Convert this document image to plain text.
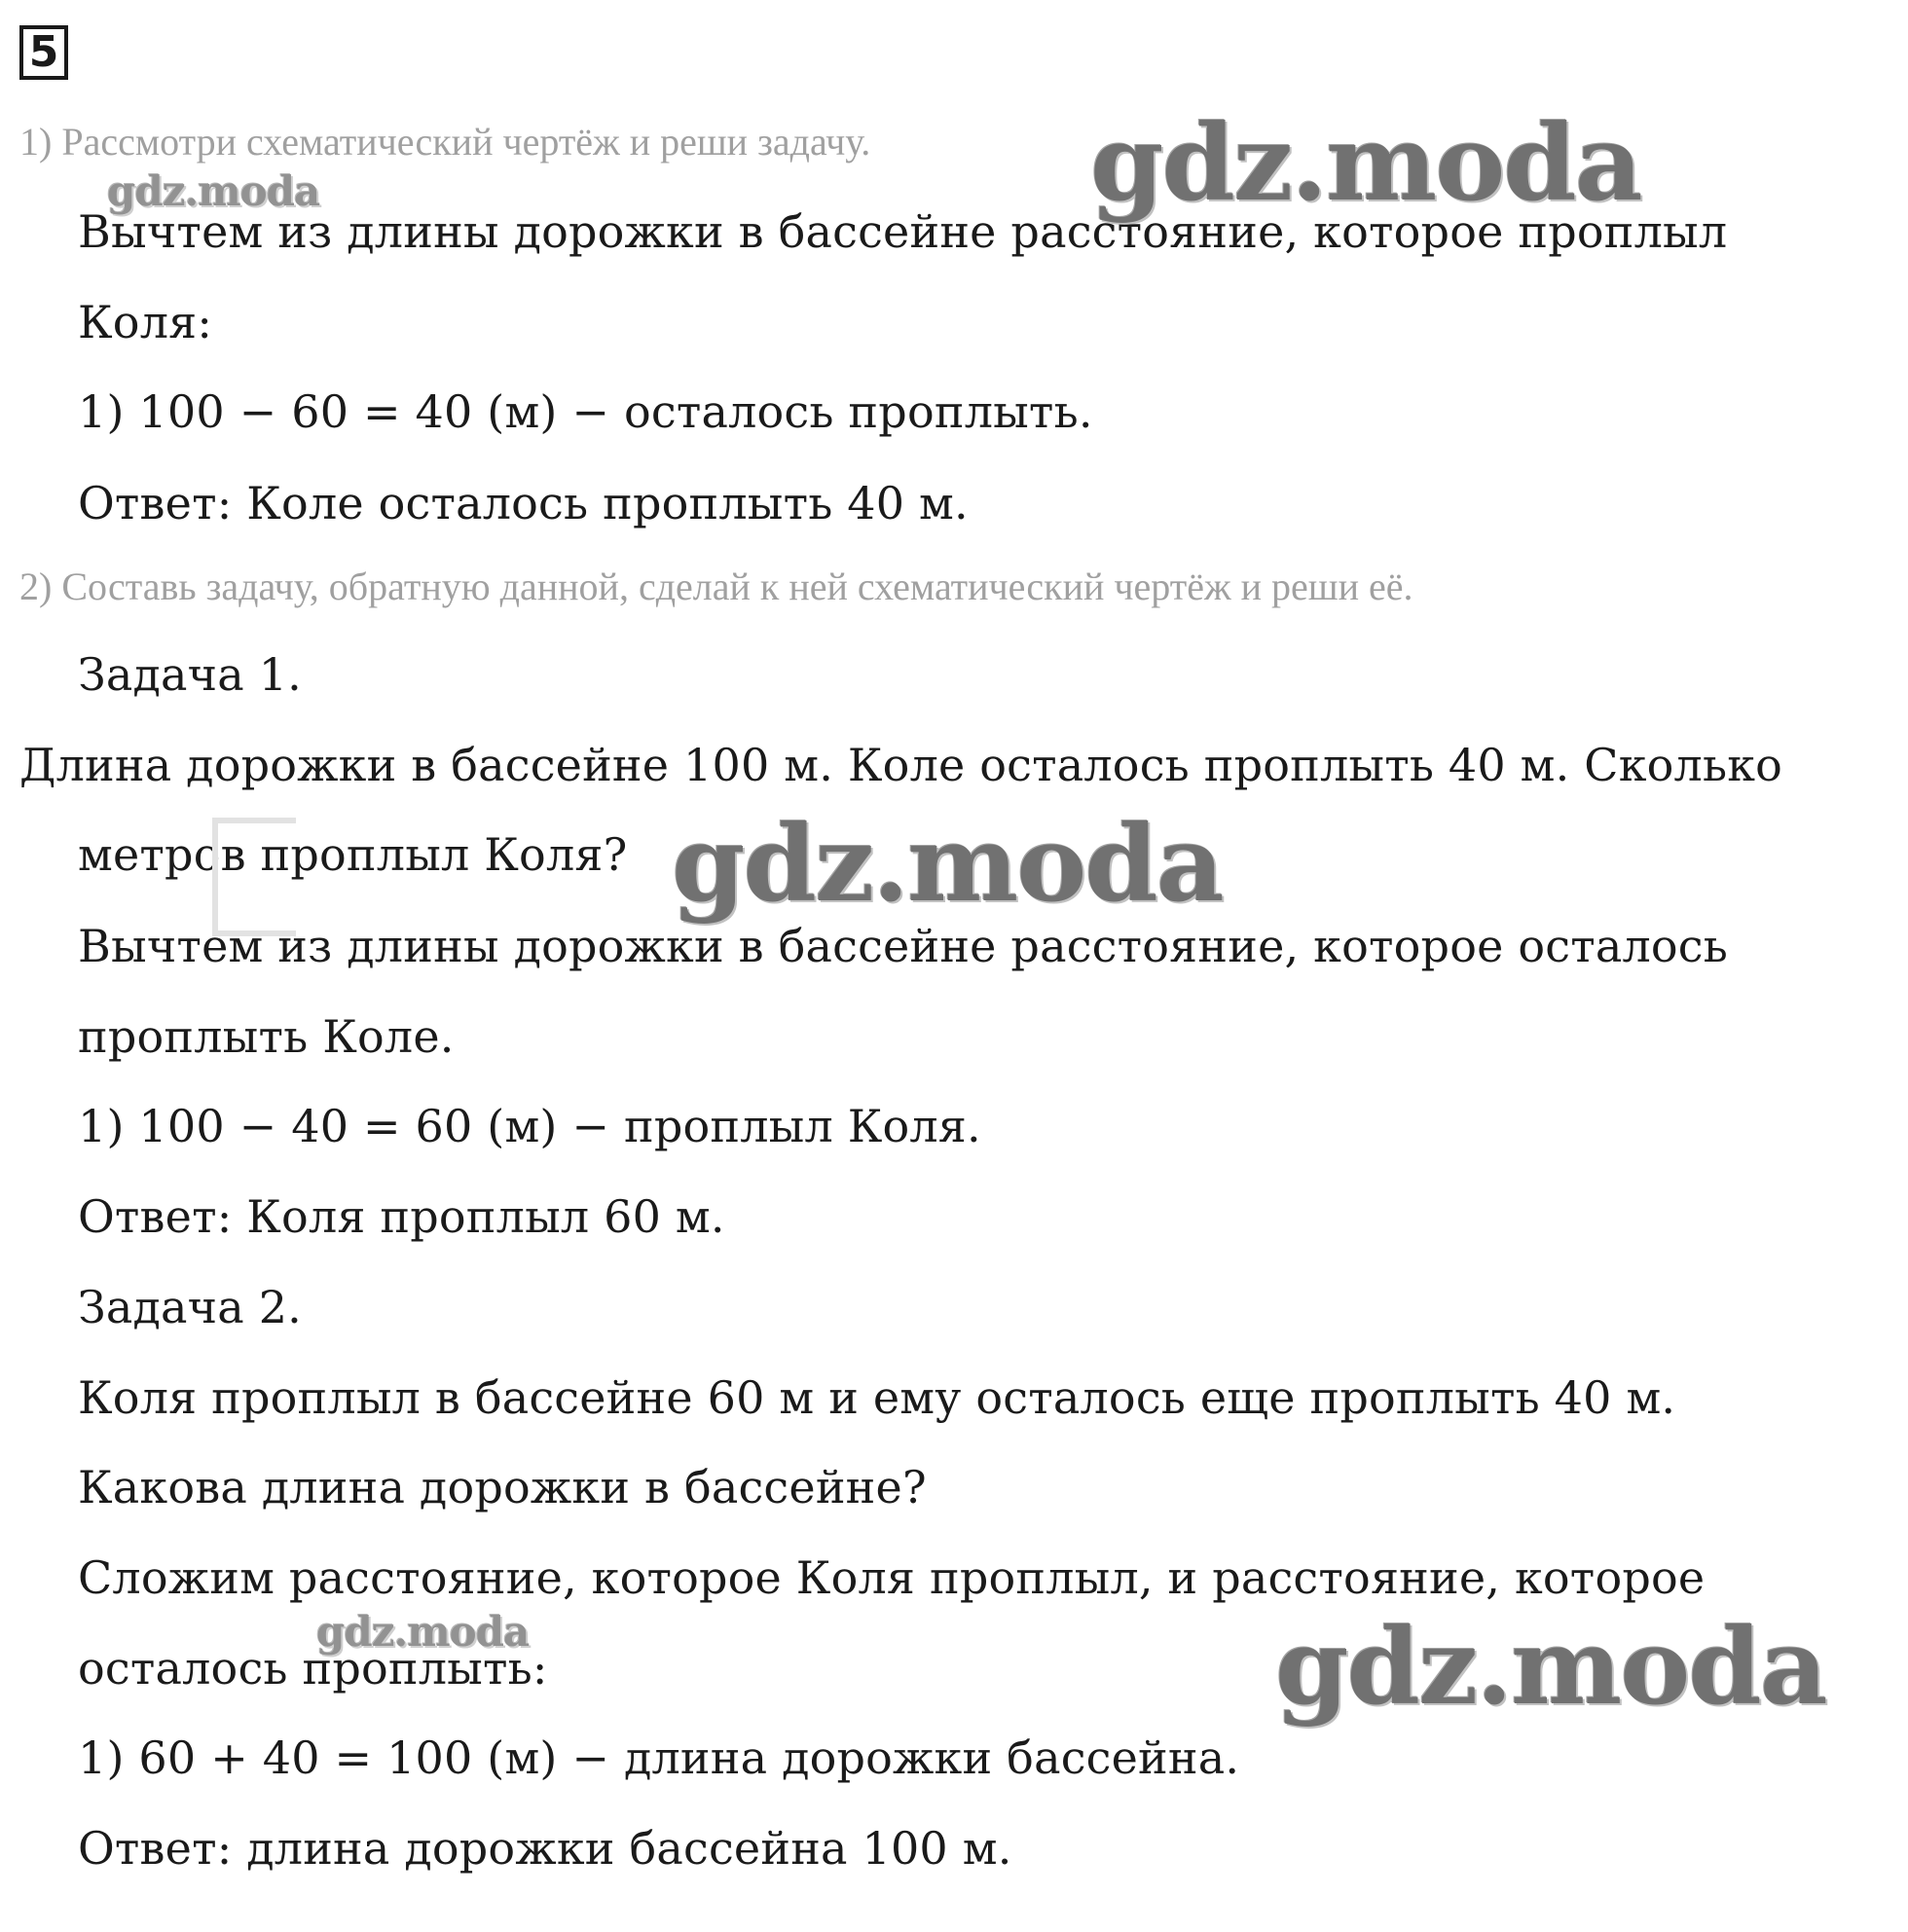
5
1) Рассмотри схематический чертёж и реши задачу.
Вычтем из длины дорожки в бассейне расстояние, которое проплыл
Коля:
1) 100 − 60 = 40 (м) − осталось проплыть.
Ответ: Коле осталось проплыть 40 м.
2) Составь задачу, обратную данной, сделай к ней схематический чертёж и реши её.
Задача 1.
Длина дорожки в бассейне 100 м. Коле осталось проплыть 40 м. Сколько
метров проплыл Коля?
Вычтем из длины дорожки в бассейне расстояние, которое осталось
проплыть Коле.
1) 100 − 40 = 60 (м) − проплыл Коля.
Ответ: Коля проплыл 60 м.
Задача 2.
Коля проплыл в бассейне 60 м и ему осталось еще проплыть 40 м.
Какова длина дорожки в бассейне?
Сложим расстояние, которое Коля проплыл, и расстояние, которое
осталось проплыть:
1) 60 + 40 = 100 (м) − длина дорожки бассейна.
Ответ: длина дорожки бассейна 100 м.
gdz.moda
gdz.moda
gdz.moda
gdz.moda	gdz.moda
